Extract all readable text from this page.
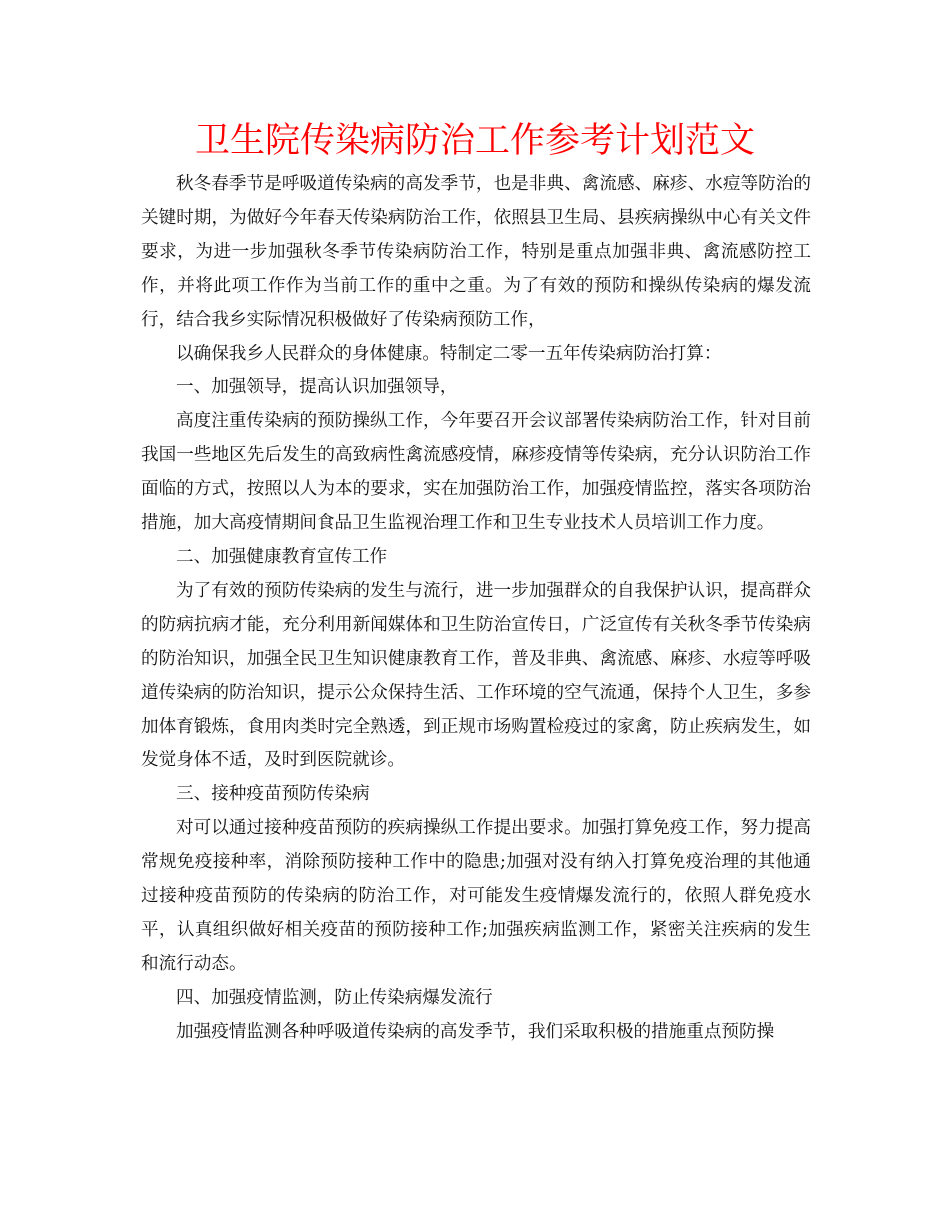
卫生院传染病防治工作参考计划范文

秋冬春季节是呼吸道传染病的高发季节，也是非典、禽流感、麻疹、水痘等防治的关键时期，为做好今年春天传染病防治工作，依照县卫生局、县疾病操纵中心有关文件要求，为进一步加强秋冬季节传染病防治工作，特别是重点加强非典、禽流感防控工作，并将此项工作作为当前工作的重中之重。为了有效的预防和操纵传染病的爆发流行，结合我乡实际情况积极做好了传染病预防工作，

以确保我乡人民群众的身体健康。特制定二零一五年传染病防治打算：

一、加强领导，提高认识加强领导，

高度注重传染病的预防操纵工作，今年要召开会议部署传染病防治工作，针对目前我国一些地区先后发生的高致病性禽流感疫情，麻疹疫情等传染病，充分认识防治工作面临的方式，按照以人为本的要求，实在加强防治工作，加强疫情监控，落实各项防治措施，加大高疫情期间食品卫生监视治理工作和卫生专业技术人员培训工作力度。

二、加强健康教育宣传工作

为了有效的预防传染病的发生与流行，进一步加强群众的自我保护认识，提高群众的防病抗病才能，充分利用新闻媒体和卫生防治宣传日，广泛宣传有关秋冬季节传染病的防治知识，加强全民卫生知识健康教育工作，普及非典、禽流感、麻疹、水痘等呼吸道传染病的防治知识，提示公众保持生活、工作环境的空气流通，保持个人卫生，多参加体育锻炼，食用肉类时完全熟透，到正规市场购置检疫过的家禽，防止疾病发生，如发觉身体不适，及时到医院就诊。

三、接种疫苗预防传染病

对可以通过接种疫苗预防的疾病操纵工作提出要求。加强打算免疫工作，努力提高常规免疫接种率，消除预防接种工作中的隐患;加强对没有纳入打算免疫治理的其他通过接种疫苗预防的传染病的防治工作，对可能发生疫情爆发流行的，依照人群免疫水平，认真组织做好相关疫苗的预防接种工作;加强疾病监测工作，紧密关注疾病的发生和流行动态。

四、加强疫情监测，防止传染病爆发流行

加强疫情监测各种呼吸道传染病的高发季节，我们采取积极的措施重点预防操
